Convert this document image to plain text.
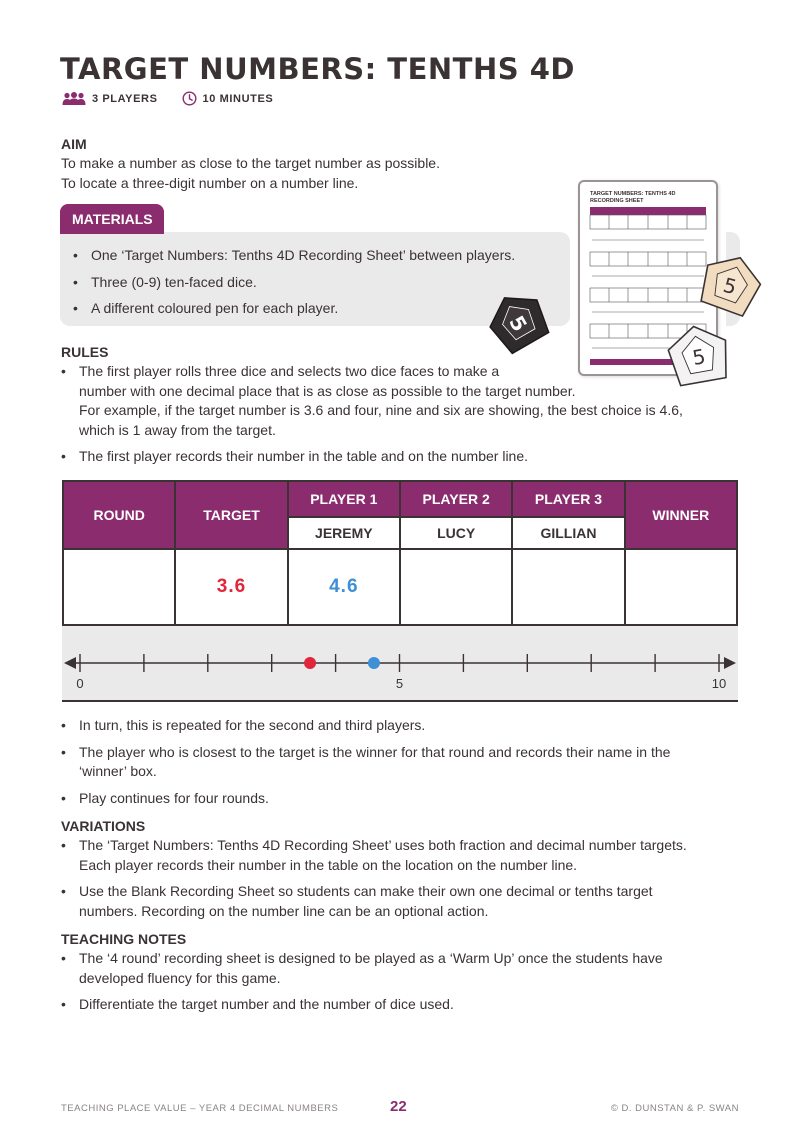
TARGET NUMBERS: TENTHS 4D
3 PLAYERS	10 MINUTES
AIM

To make a number as close to the target number as possible.

To locate a three-digit number on a number line.

MATERIALS
• One ‘Target Numbers: Tenths 4D Recording Sheet’ between players.
• Three (0-9) ten-faced dice.
• A different coloured pen for each player.
TARGET NUMBERS: TENTHS 4D
RECORDING SHEET
5
5
5
RULES
• The first player rolls three dice and selects two dice faces to make a
number with one decimal place that is as close as possible to the target number.
For example, if the target number is 3.6 and four, nine and six are showing, the best choice is 4.6,
which is 1 away from the target.
• The first player records their number in the table and on the number line.
ROUND	TARGET	PLAYER 1	PLAYER 2	PLAYER 3	WINNER
		JEREMY	LUCY	GILLIAN	
	3.6	4.6			
0	5	10
• In turn, this is repeated for the second and third players.
• The player who is closest to the target is the winner for that round and records their name in the
‘winner’ box.
• Play continues for four rounds.
VARIATIONS
• The ‘Target Numbers: Tenths 4D Recording Sheet’ uses both fraction and decimal number targets.
Each player records their number in the table on the location on the number line.
• Use the Blank Recording Sheet so students can make their own one decimal or tenths target
numbers. Recording on the number line can be an optional action.
TEACHING NOTES
• The ‘4 round’ recording sheet is designed to be played as a ‘Warm Up’ once the students have
developed fluency for this game.
• Differentiate the target number and the number of dice used.
TEACHING PLACE VALUE – YEAR 4 DECIMAL NUMBERS	22	© D. DUNSTAN & P. SWAN
